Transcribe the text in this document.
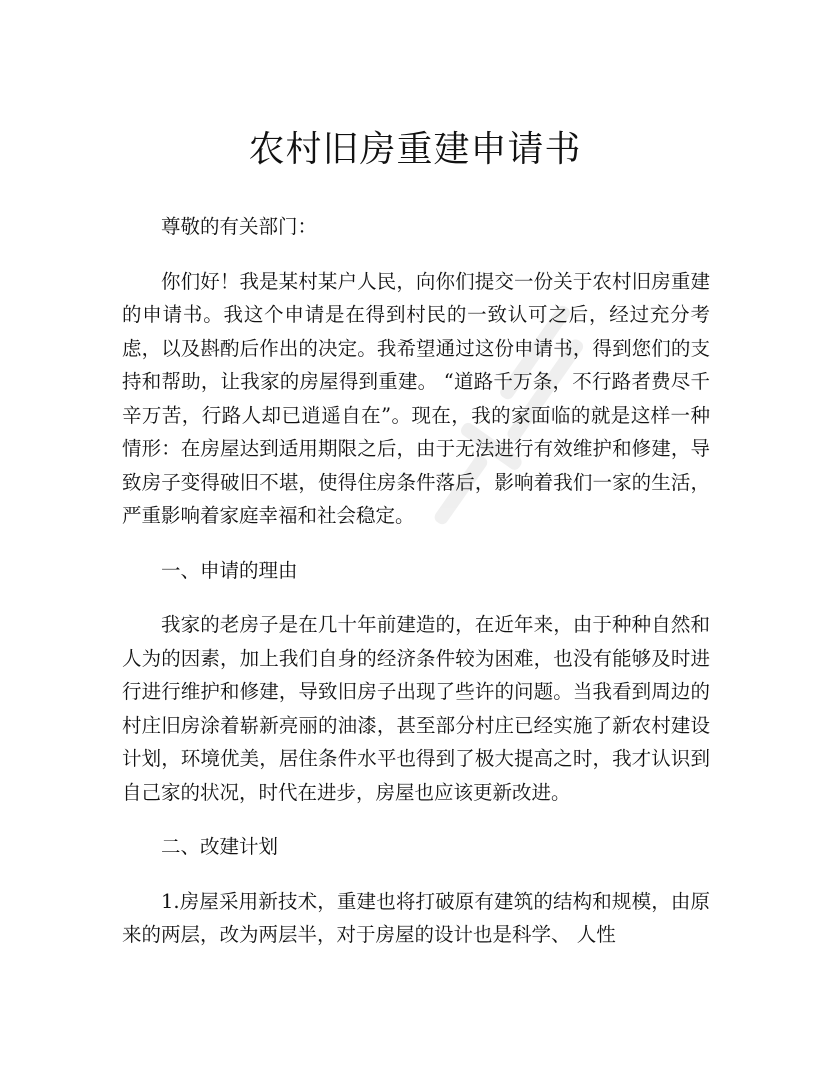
农村旧房重建申请书

尊敬的有关部门：

你们好！我是某村某户人民，向你们提交一份关于农村旧房重建的申请书。我这个申请是在得到村民的一致认可之后，经过充分考虑，以及斟酌后作出的决定。我希望通过这份申请书，得到您们的支持和帮助，让我家的房屋得到重建。 “道路千万条，不行路者费尽千辛万苦，行路人却已逍遥自在”。现在，我的家面临的就是这样一种情形：在房屋达到适用期限之后，由于无法进行有效维护和修建，导致房子变得破旧不堪，使得住房条件落后，影响着我们一家的生活，严重影响着家庭幸福和社会稳定。

一、申请的理由

我家的老房子是在几十年前建造的，在近年来，由于种种自然和人为的因素，加上我们自身的经济条件较为困难，也没有能够及时进行进行维护和修建，导致旧房子出现了些许的问题。当我看到周边的村庄旧房涂着崭新亮丽的油漆，甚至部分村庄已经实施了新农村建设计划，环境优美，居住条件水平也得到了极大提高之时，我才认识到自己家的状况，时代在进步，房屋也应该更新改进。

二、改建计划

1.房屋采用新技术，重建也将打破原有建筑的结构和规模，由原来的两层，改为两层半，对于房屋的设计也是科学、 人性
